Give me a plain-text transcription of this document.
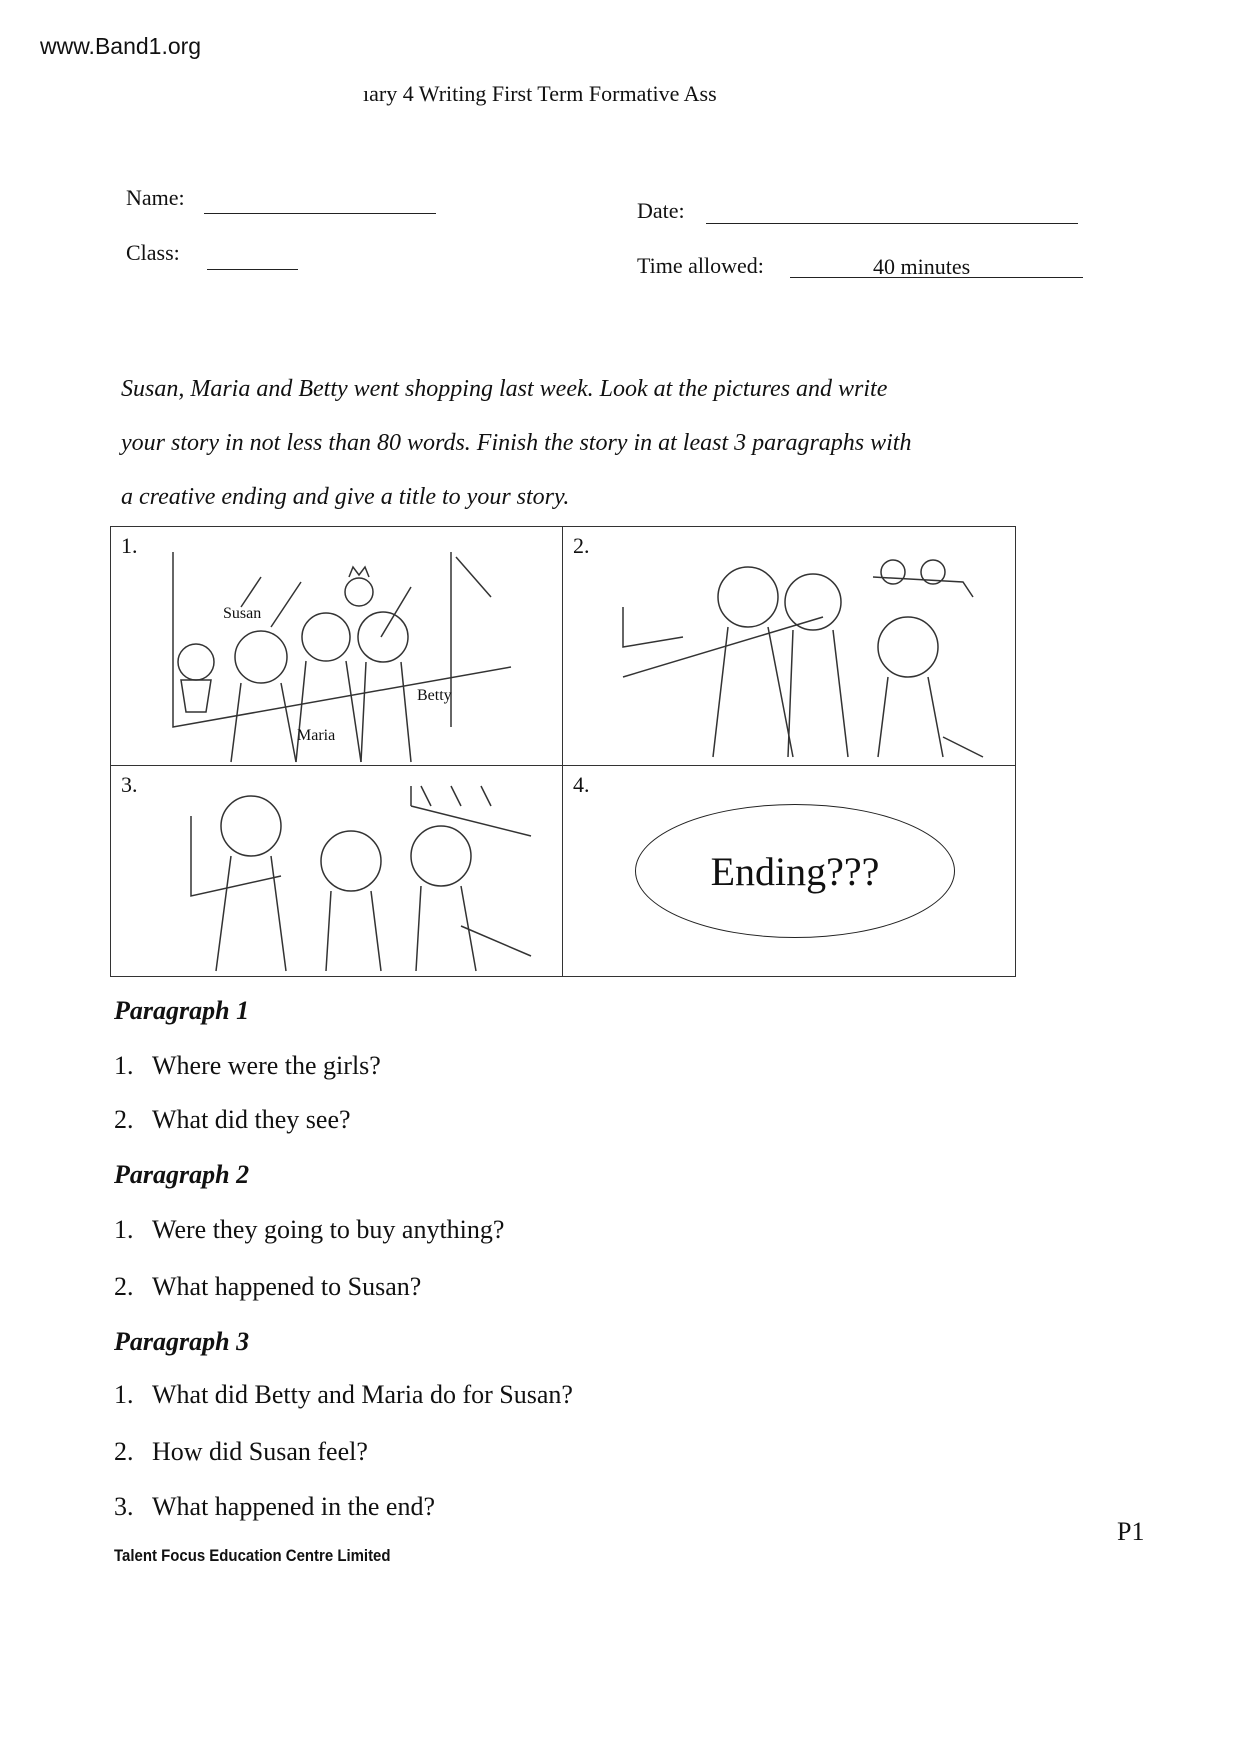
www.Band1.org
ıary 4 Writing First Term Formative Ass
Name:
Class:
Date:
Time allowed:	40 minutes
Susan, Maria and Betty went shopping last week. Look at the pictures and write
your story in not less than 80 words. Finish the story in at least 3 paragraphs with
a creative ending and give a title to your story.
1.
Susan
Maria
Betty
2.
3.	4.
Ending???
Paragraph 1
1. Where were the girls?
2. What did they see?
Paragraph 2
1. Were they going to buy anything?
2. What happened to Susan?
Paragraph 3
1. What did Betty and Maria do for Susan?
2. How did Susan feel?
3. What happened in the end?
P1
Talent Focus Education Centre Limited
